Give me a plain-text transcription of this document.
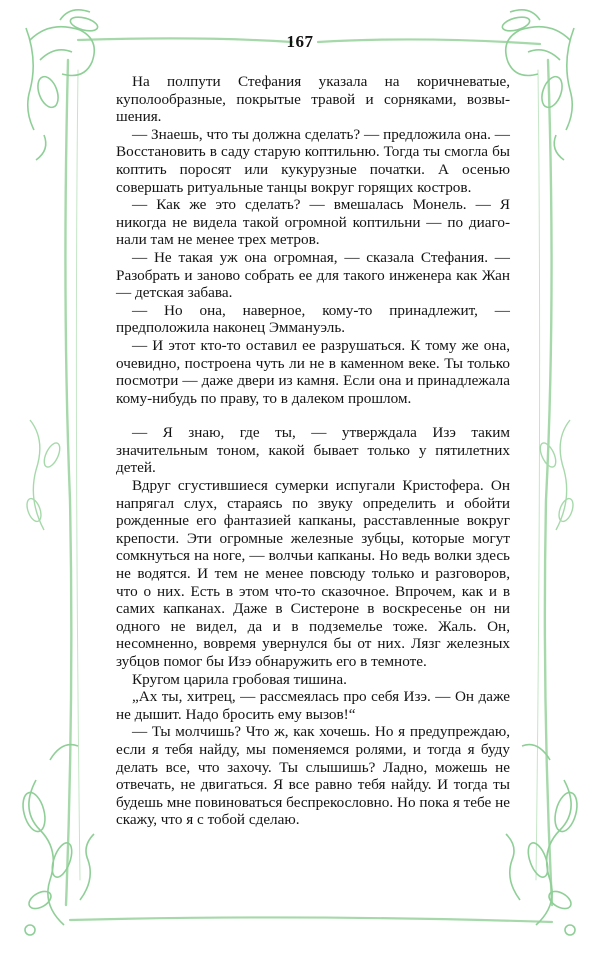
167

На полпути Стефания указала на коричневатые, куполообразные, покрытые травой и сорняками, возвышения.

— Знаешь, что ты должна сделать? — предложила она. — Восстановить в саду старую коптильню. Тогда ты смогла бы коптить поросят или кукурузные початки. А осенью совершать ритуальные танцы вокруг горящих костров.

— Как же это сделать? — вмешалась Монель. — Я никогда не видела такой огромной коптильни — по диагонали там не менее трех метров.

— Не такая уж она огромная, — сказала Стефания. — Разобрать и заново собрать ее для такого инженера как Жан — детская забава.

— Но она, наверное, кому-то принадлежит, — предположила наконец Эммануэль.

— И этот кто-то оставил ее разрушаться. К тому же она, очевидно, построена чуть ли не в каменном веке. Ты только посмотри — даже двери из камня. Если она и принадлежала кому-нибудь по праву, то в далеком прошлом.

— Я знаю, где ты, — утверждала Изэ таким значительным тоном, какой бывает только у пятилетних детей.

Вдруг сгустившиеся сумерки испугали Кристофера. Он напрягал слух, стараясь по звуку определить и обойти рожденные его фантазией капканы, расставленные вокруг крепости. Эти огромные железные зубцы, которые могут сомкнуться на ноге, — волчьи капканы. Но ведь волки здесь не водятся. И тем не менее повсюду только и разговоров, что о них. Есть в этом что-то сказочное. Впрочем, как и в самих капканах. Даже в Систероне в воскресенье он ни одного не видел, да и в подземелье тоже. Жаль. Он, несомненно, вовремя увернулся бы от них. Лязг железных зубцов помог бы Изэ обнаружить его в темноте.

Кругом царила гробовая тишина.

„Ах ты, хитрец, — рассмеялась про себя Изэ. — Он даже не дышит. Надо бросить ему вызов!“

— Ты молчишь? Что ж, как хочешь. Но я предупреждаю, если я тебя найду, мы поменяемся ролями, и тогда я буду делать все, что захочу. Ты слышишь? Ладно, можешь не отвечать, не двигаться. Я все равно тебя найду. И тогда ты будешь мне повиноваться беспрекословно. Но пока я тебе не скажу, что я с тобой сделаю.
